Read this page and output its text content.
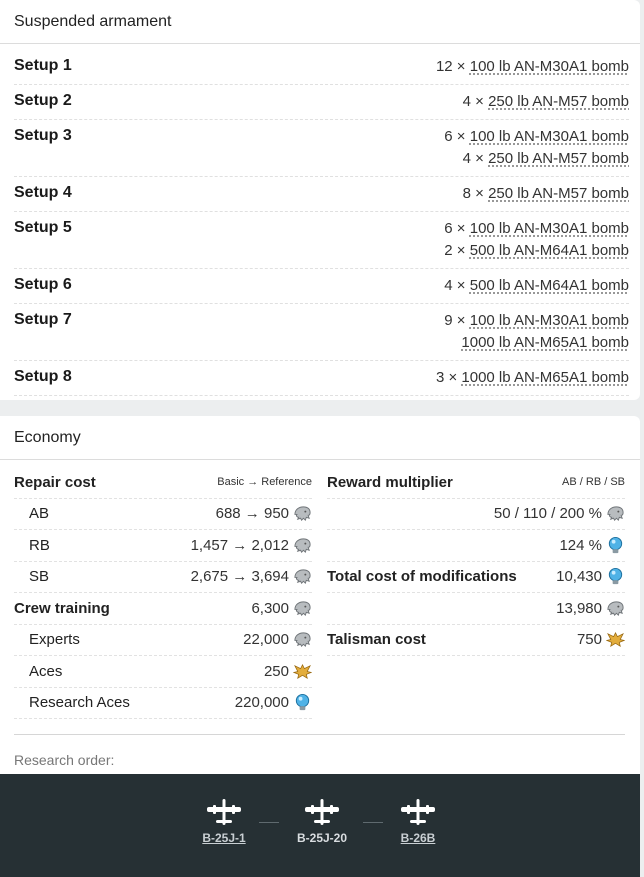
Suspended armament
Setup 1	12 × 100 lb AN-M30A1 bomb
Setup 2	4 × 250 lb AN-M57 bomb
Setup 3	6 × 100 lb AN-M30A1 bomb
4 × 250 lb AN-M57 bomb
Setup 4	8 × 250 lb AN-M57 bomb
Setup 5	6 × 100 lb AN-M30A1 bomb
2 × 500 lb AN-M64A1 bomb
Setup 6	4 × 500 lb AN-M64A1 bomb
Setup 7	9 × 100 lb AN-M30A1 bomb
1000 lb AN-M65A1 bomb
Setup 8	3 × 1000 lb AN-M65A1 bomb
Economy
Repair cost	Basic → Reference
AB	688 → 950
RB	1,457 → 2,012
SB	2,675 → 3,694
Crew training	6,300
Experts	22,000
Aces	250
Research Aces	220,000
Reward multiplier	AB / RB / SB
50 / 110 / 200 %
124 %
Total cost of modifications	10,430
13,980
Talisman cost	750
Research order:
B-25J-1	B-25J-20	B-26B
